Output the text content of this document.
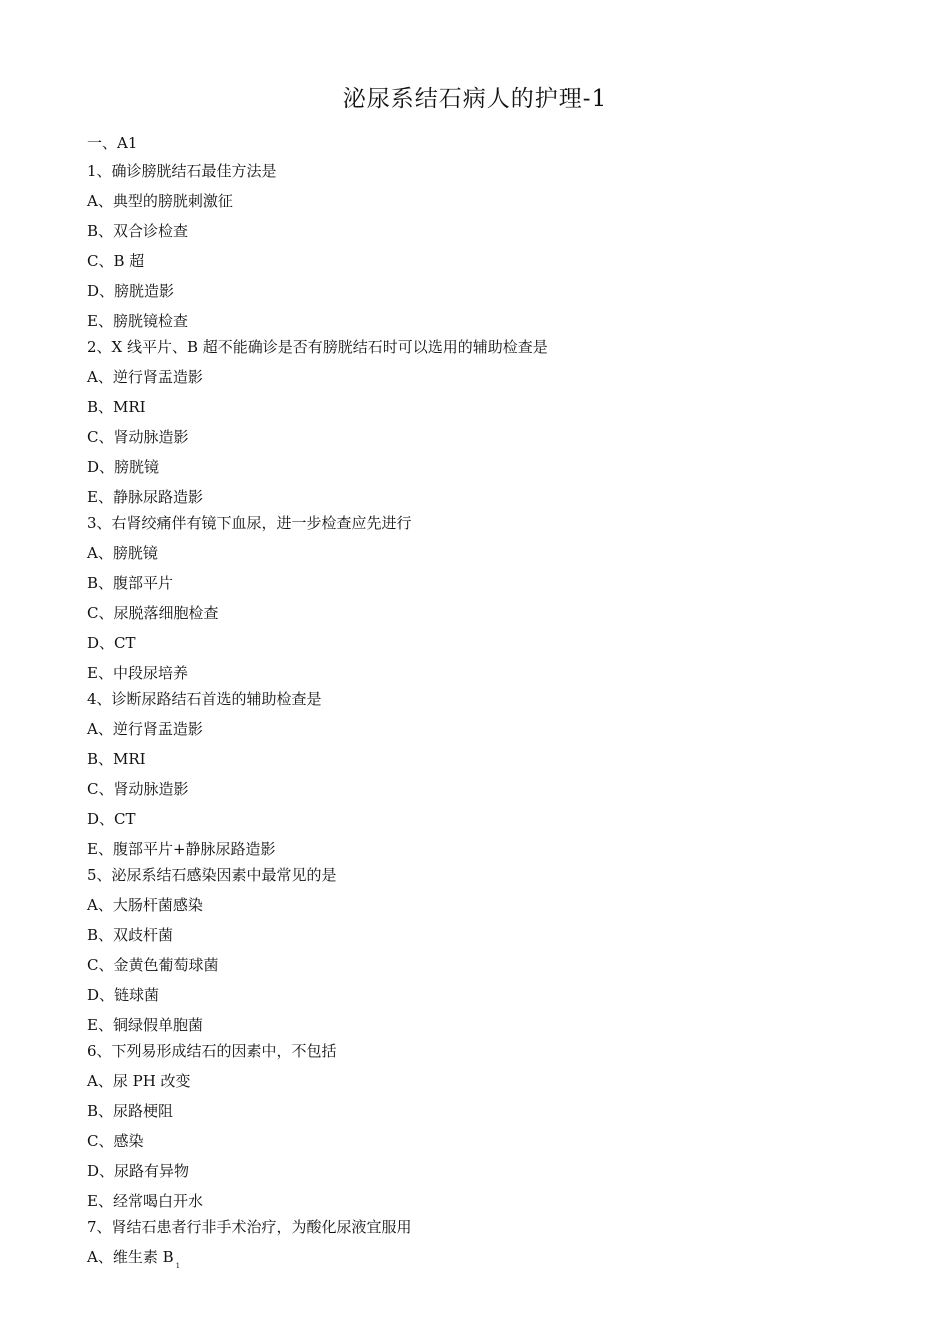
泌尿系结石病人的护理-1
一、A1
1、确诊膀胱结石最佳方法是
A、典型的膀胱刺激征
B、双合诊检查
C、B 超
D、膀胱造影
E、膀胱镜检查
2、X 线平片、B 超不能确诊是否有膀胱结石时可以选用的辅助检查是
A、逆行肾盂造影
B、MRI
C、肾动脉造影
D、膀胱镜
E、静脉尿路造影
3、右肾绞痛伴有镜下血尿，进一步检查应先进行
A、膀胱镜
B、腹部平片
C、尿脱落细胞检查
D、CT
E、中段尿培养
4、诊断尿路结石首选的辅助检查是
A、逆行肾盂造影
B、MRI
C、肾动脉造影
D、CT
E、腹部平片+静脉尿路造影
5、泌尿系结石感染因素中最常见的是
A、大肠杆菌感染
B、双歧杆菌
C、金黄色葡萄球菌
D、链球菌
E、铜绿假单胞菌
6、下列易形成结石的因素中，不包括
A、尿 PH 改变
B、尿路梗阻
C、感染
D、尿路有异物
E、经常喝白开水
7、肾结石患者行非手术治疗，为酸化尿液宜服用
A、维生素 B $_1$
